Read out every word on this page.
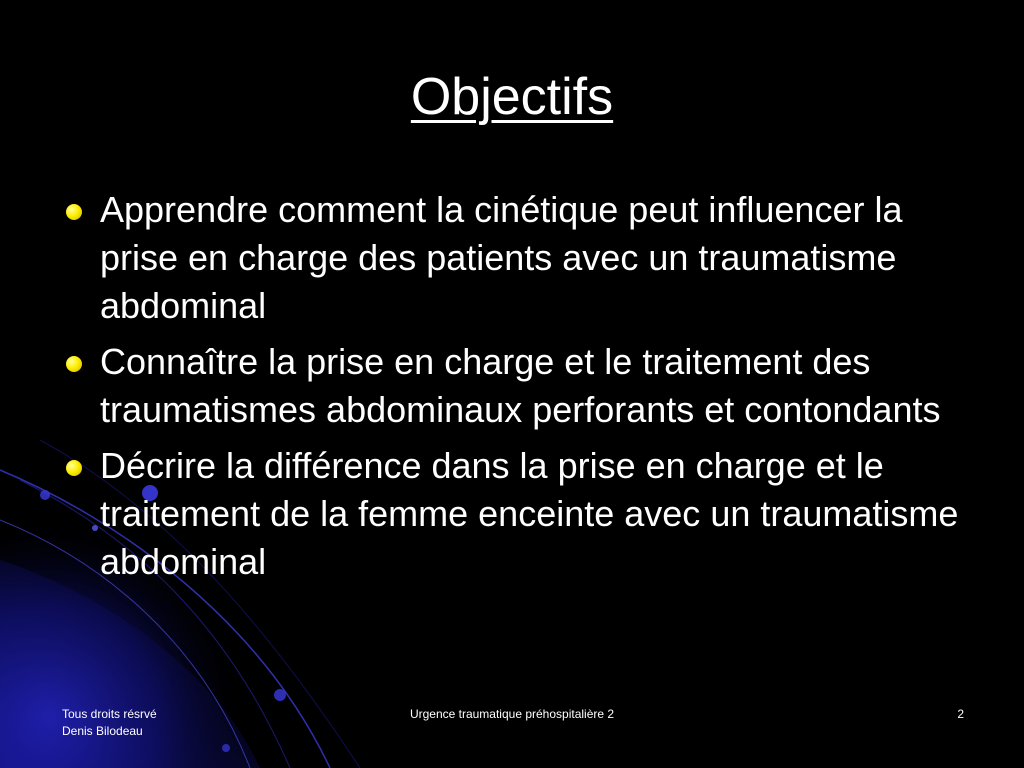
Objectifs
Apprendre comment la cinétique peut influencer la prise en charge des patients avec un traumatisme abdominal
Connaître la prise en charge et le traitement des traumatismes abdominaux perforants et contondants
Décrire la différence dans la prise en charge et le traitement de la femme enceinte avec un traumatisme abdominal
Tous droits résrvé
Denis Bilodeau
Urgence traumatique préhospitalière 2	2
